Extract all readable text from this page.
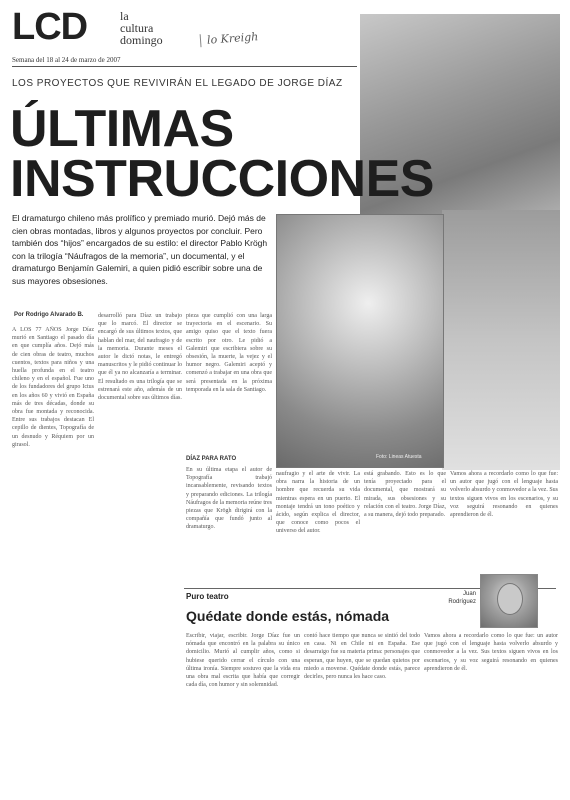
LCD	la
cultura
domingo	lo Kreigh
Semana del 18 al 24 de marzo de 2007
LOS PROYECTOS QUE REVIVIRÁN EL LEGADO DE JORGE DÍAZ
ÚLTIMAS
INSTRUCCIONES
El dramaturgo chileno más prolífico y premiado murió. Dejó más de cien obras montadas, libros y algunos proyectos por concluir. Pero también dos “hijos” encargados de su estilo: el director Pablo Krögh con la trilogía “Náufragos de la memoria”, un documental, y el dramaturgo Benjamín Galemiri, a quien pidió escribir sobre una de sus mayores obsesiones.
Foto: Lineas Atuesta
Por Rodrigo Alvarado B.
A LOS 77 AÑOS Jorge Díaz murió en Santiago el pasado día en que cumplía años. Dejó más de cien obras de teatro, muchos cuentos, textos para niños y una huella profunda en el teatro chileno y en el español. Fue uno de los fundadores del grupo Ictus en los años 60 y vivió en España más de tres décadas, donde su obra fue montada y reconocida. Entre sus trabajos destacan El cepillo de dientes, Topografía de un desnudo y Réquiem por un girasol.
desarrolló para Díaz un trabajo que lo marcó. El director se encargó de sus últimos textos, que hablan del mar, del naufragio y de la memoria. Durante meses el autor le dictó notas, le entregó manuscritos y le pidió continuar lo que él ya no alcanzaría a terminar. El resultado es una trilogía que se estrenará este año, además de un documental sobre sus últimos días.
pieza que cumplió con una larga trayectoria en el escenario. Su amigo quiso que el texto fuera escrito por otro. Le pidió a Galemiri que escribiera sobre su obsesión, la muerte, la vejez y el humor negro. Galemiri aceptó y comenzó a trabajar en una obra que será presentada en la próxima temporada en la sala de Santiago.
DÍAZ PARA RATO
En su última etapa el autor de Topografía trabajó incansablemente, revisando textos y preparando ediciones. La trilogía Náufragos de la memoria reúne tres piezas que Krögh dirigirá con la compañía que fundó junto al dramaturgo.
naufragio y el arte de vivir. La obra narra la historia de un hombre que recuerda su vida mientras espera en un puerto. El montaje tendrá un tono poético y ácido, según explica el director, que conoce como pocos el universo del autor.
está grabando. Esto es lo que tenía proyectado para el documental, que mostrará su mirada, sus obsesiones y su relación con el teatro. Jorge Díaz, a su manera, dejó todo preparado.
Vamos ahora a recordarlo como lo que fue: un autor que jugó con el lenguaje hasta volverlo absurdo y conmovedor a la vez. Sus textos siguen vivos en los escenarios, y su voz seguirá resonando en quienes aprendieron de él.
Puro teatro
Quédate donde estás, nómada
Juan Rodríguez
Escribir, viajar, escribir. Jorge Díaz fue un nómada que encontró en la palabra su único domicilio. Murió al cumplir años, como si hubiese querido cerrar el círculo con una última ironía. Siempre sostuvo que la vida era una obra mal escrita que había que corregir cada día, con humor y sin solemnidad.
contó hace tiempo que nunca se sintió del todo en casa. Ni en Chile ni en España. Ese desarraigo fue su materia prima: personajes que esperan, que huyen, que se quedan quietos por miedo a moverse. Quédate donde estás, parece decirles, pero nunca les hace caso.
Vamos ahora a recordarlo como lo que fue: un autor que jugó con el lenguaje hasta volverlo absurdo y conmovedor a la vez. Sus textos siguen vivos en los escenarios, y su voz seguirá resonando en quienes aprendieron de él.
